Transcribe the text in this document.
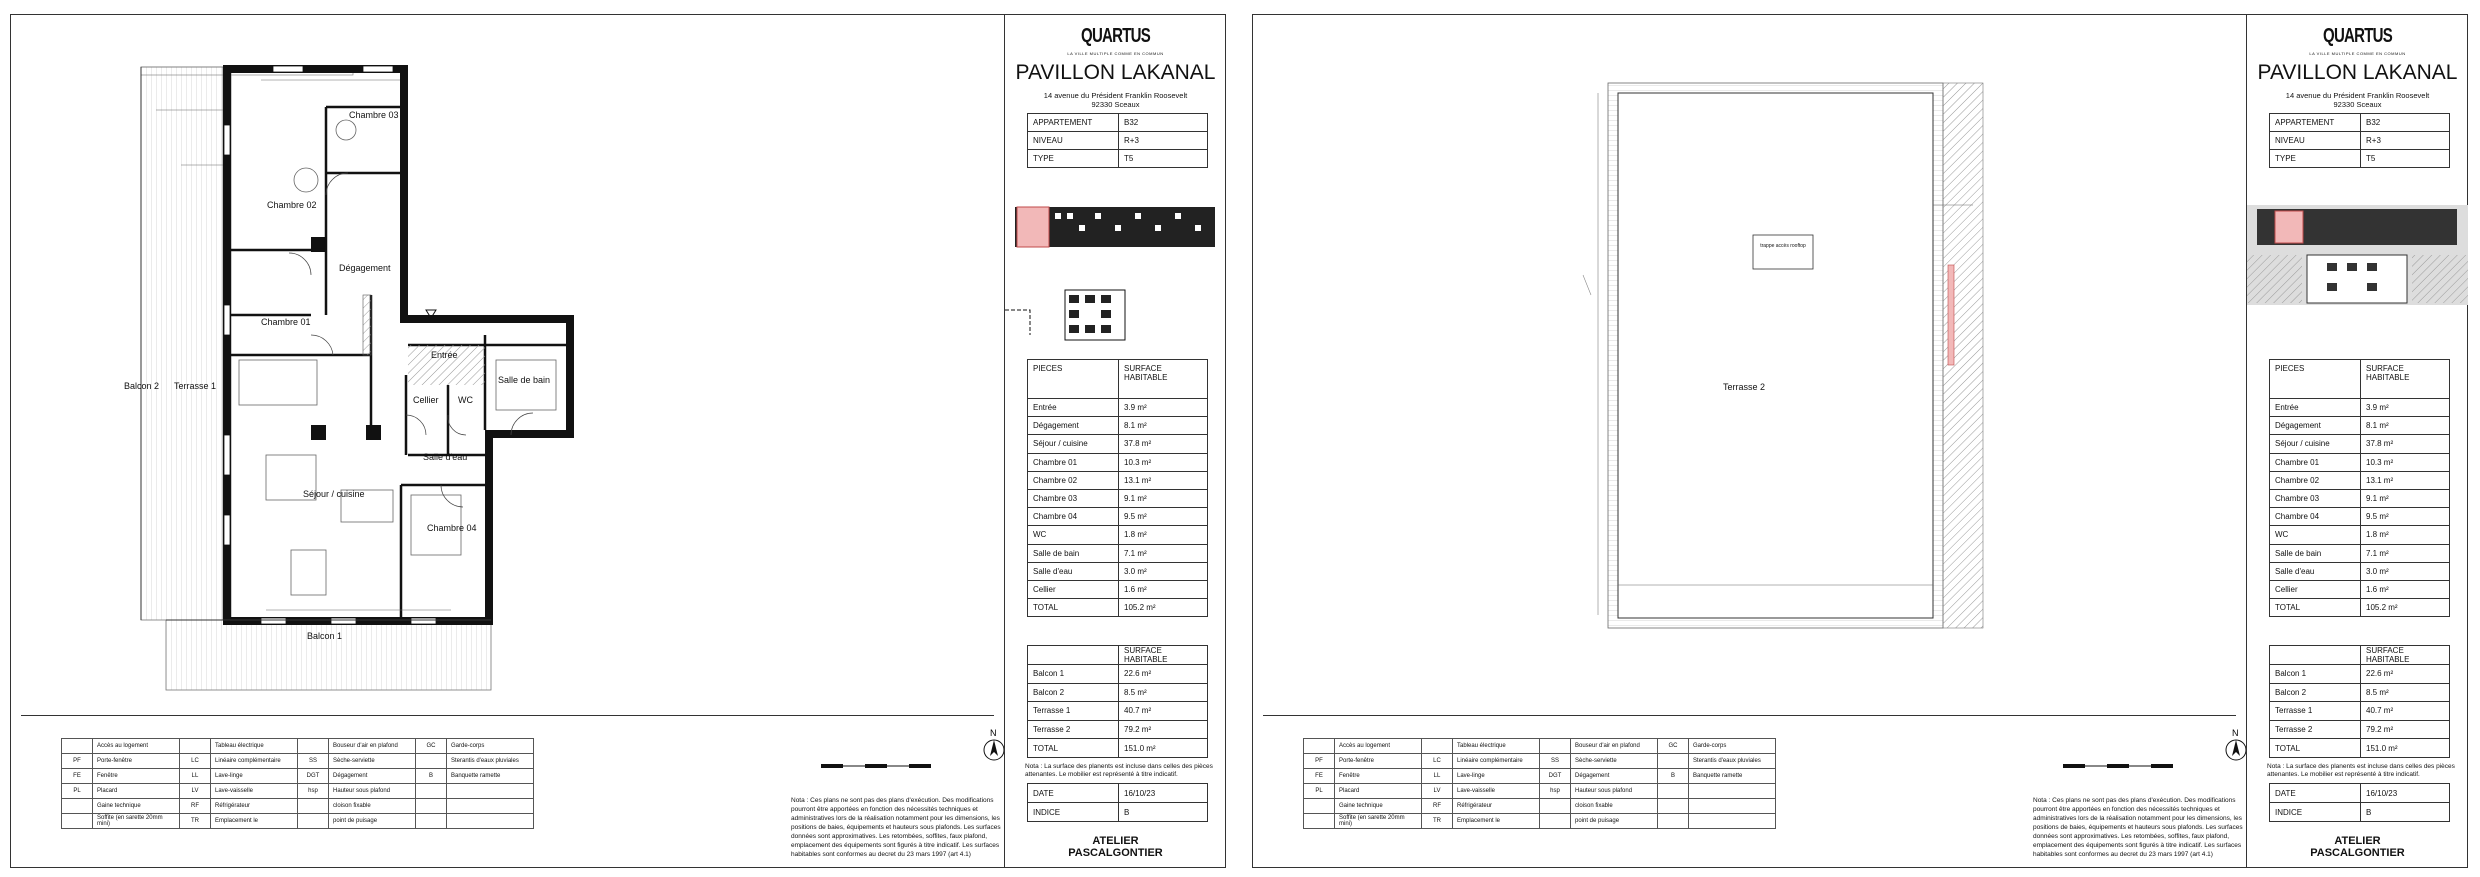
Chambre 03
Chambre 02
Dégagement
Chambre 01
Entrée
Salle de bain
Cellier WC
Salle d'eau
Séjour / cuisine
Chambre 04
Balcon 2 Terrasse 1
Balcon 1
	Accès au logement		Tableau électrique		Bouseur d'air en plafond	GC	Garde-corps
PF	Porte-fenêtre	LC	Linéaire complémentaire	SS	Sèche-serviette		Sterantis d'eaux pluviales
FE	Fenêtre	LL	Lave-linge	DGT	Dégagement	B	Banquette ramette
PL	Placard	LV	Lave-vaisselle	hsp	Hauteur sous plafond		
	Gaine technique	RF	Réfrigérateur		cloison fixable		
	Soffite (en sarette 20mm mini)	TR	Emplacement le		point de puisage		
N
Nota : Ces plans ne sont pas des plans d'exécution. Des modifications pourront être apportées en fonction des nécessités techniques et administratives lors de la réalisation notamment pour les dimensions, les positions de baies, équipements et hauteurs sous plafonds. Les surfaces données sont approximatives. Les retombées, soffites, faux plafond, emplacement des équipements sont figurés à titre indicatif. Les surfaces habitables sont conformes au decret du 23 mars 1997 (art 4.1)
QUARTUS
LA VILLE MULTIPLE COMME EN COMMUN
PAVILLON LAKANAL
14 avenue du Président Franklin Roosevelt
92330 Sceaux
APPARTEMENT	B32
NIVEAU	R+3
TYPE	T5
PIECES	SURFACE HABITABLE
Entrée	3.9 m²
Dégagement	8.1 m²
Séjour / cuisine	37.8 m²
Chambre 01	10.3 m²
Chambre 02	13.1 m²
Chambre 03	9.1 m²
Chambre 04	9.5 m²
WC	1.8 m²
Salle de bain	7.1 m²
Salle d'eau	3.0 m²
Cellier	1.6 m²
TOTAL	105.2 m²
	SURFACE HABITABLE
Balcon 1	22.6 m²
Balcon 2	8.5 m²
Terrasse 1	40.7 m²
Terrasse 2	79.2 m²
TOTAL	151.0 m²
Nota : La surface des planents est incluse dans celles des pièces attenantes. Le mobilier est représenté à titre indicatif.
DATE	16/10/23
INDICE	B
ATELIER
PASCALGONTIER
Terrasse 2
trappe accès rooftop
	Accès au logement		Tableau électrique		Bouseur d'air en plafond	GC	Garde-corps
PF	Porte-fenêtre	LC	Linéaire complémentaire	SS	Sèche-serviette		Sterantis d'eaux pluviales
FE	Fenêtre	LL	Lave-linge	DGT	Dégagement	B	Banquette ramette
PL	Placard	LV	Lave-vaisselle	hsp	Hauteur sous plafond		
	Gaine technique	RF	Réfrigérateur		cloison fixable		
	Soffite (en sarette 20mm mini)	TR	Emplacement le		point de puisage		
N
Nota : Ces plans ne sont pas des plans d'exécution. Des modifications pourront être apportées en fonction des nécessités techniques et administratives lors de la réalisation notamment pour les dimensions, les positions de baies, équipements et hauteurs sous plafonds. Les surfaces données sont approximatives. Les retombées, soffites, faux plafond, emplacement des équipements sont figurés à titre indicatif. Les surfaces habitables sont conformes au decret du 23 mars 1997 (art 4.1)
QUARTUS
LA VILLE MULTIPLE COMME EN COMMUN
PAVILLON LAKANAL
14 avenue du Président Franklin Roosevelt
92330 Sceaux
APPARTEMENT	B32
NIVEAU	R+3
TYPE	T5
PIECES	SURFACE HABITABLE
Entrée	3.9 m²
Dégagement	8.1 m²
Séjour / cuisine	37.8 m²
Chambre 01	10.3 m²
Chambre 02	13.1 m²
Chambre 03	9.1 m²
Chambre 04	9.5 m²
WC	1.8 m²
Salle de bain	7.1 m²
Salle d'eau	3.0 m²
Cellier	1.6 m²
TOTAL	105.2 m²
	SURFACE HABITABLE
Balcon 1	22.6 m²
Balcon 2	8.5 m²
Terrasse 1	40.7 m²
Terrasse 2	79.2 m²
TOTAL	151.0 m²
Nota : La surface des planents est incluse dans celles des pièces attenantes. Le mobilier est représenté à titre indicatif.
DATE	16/10/23
INDICE	B
ATELIER
PASCALGONTIER
